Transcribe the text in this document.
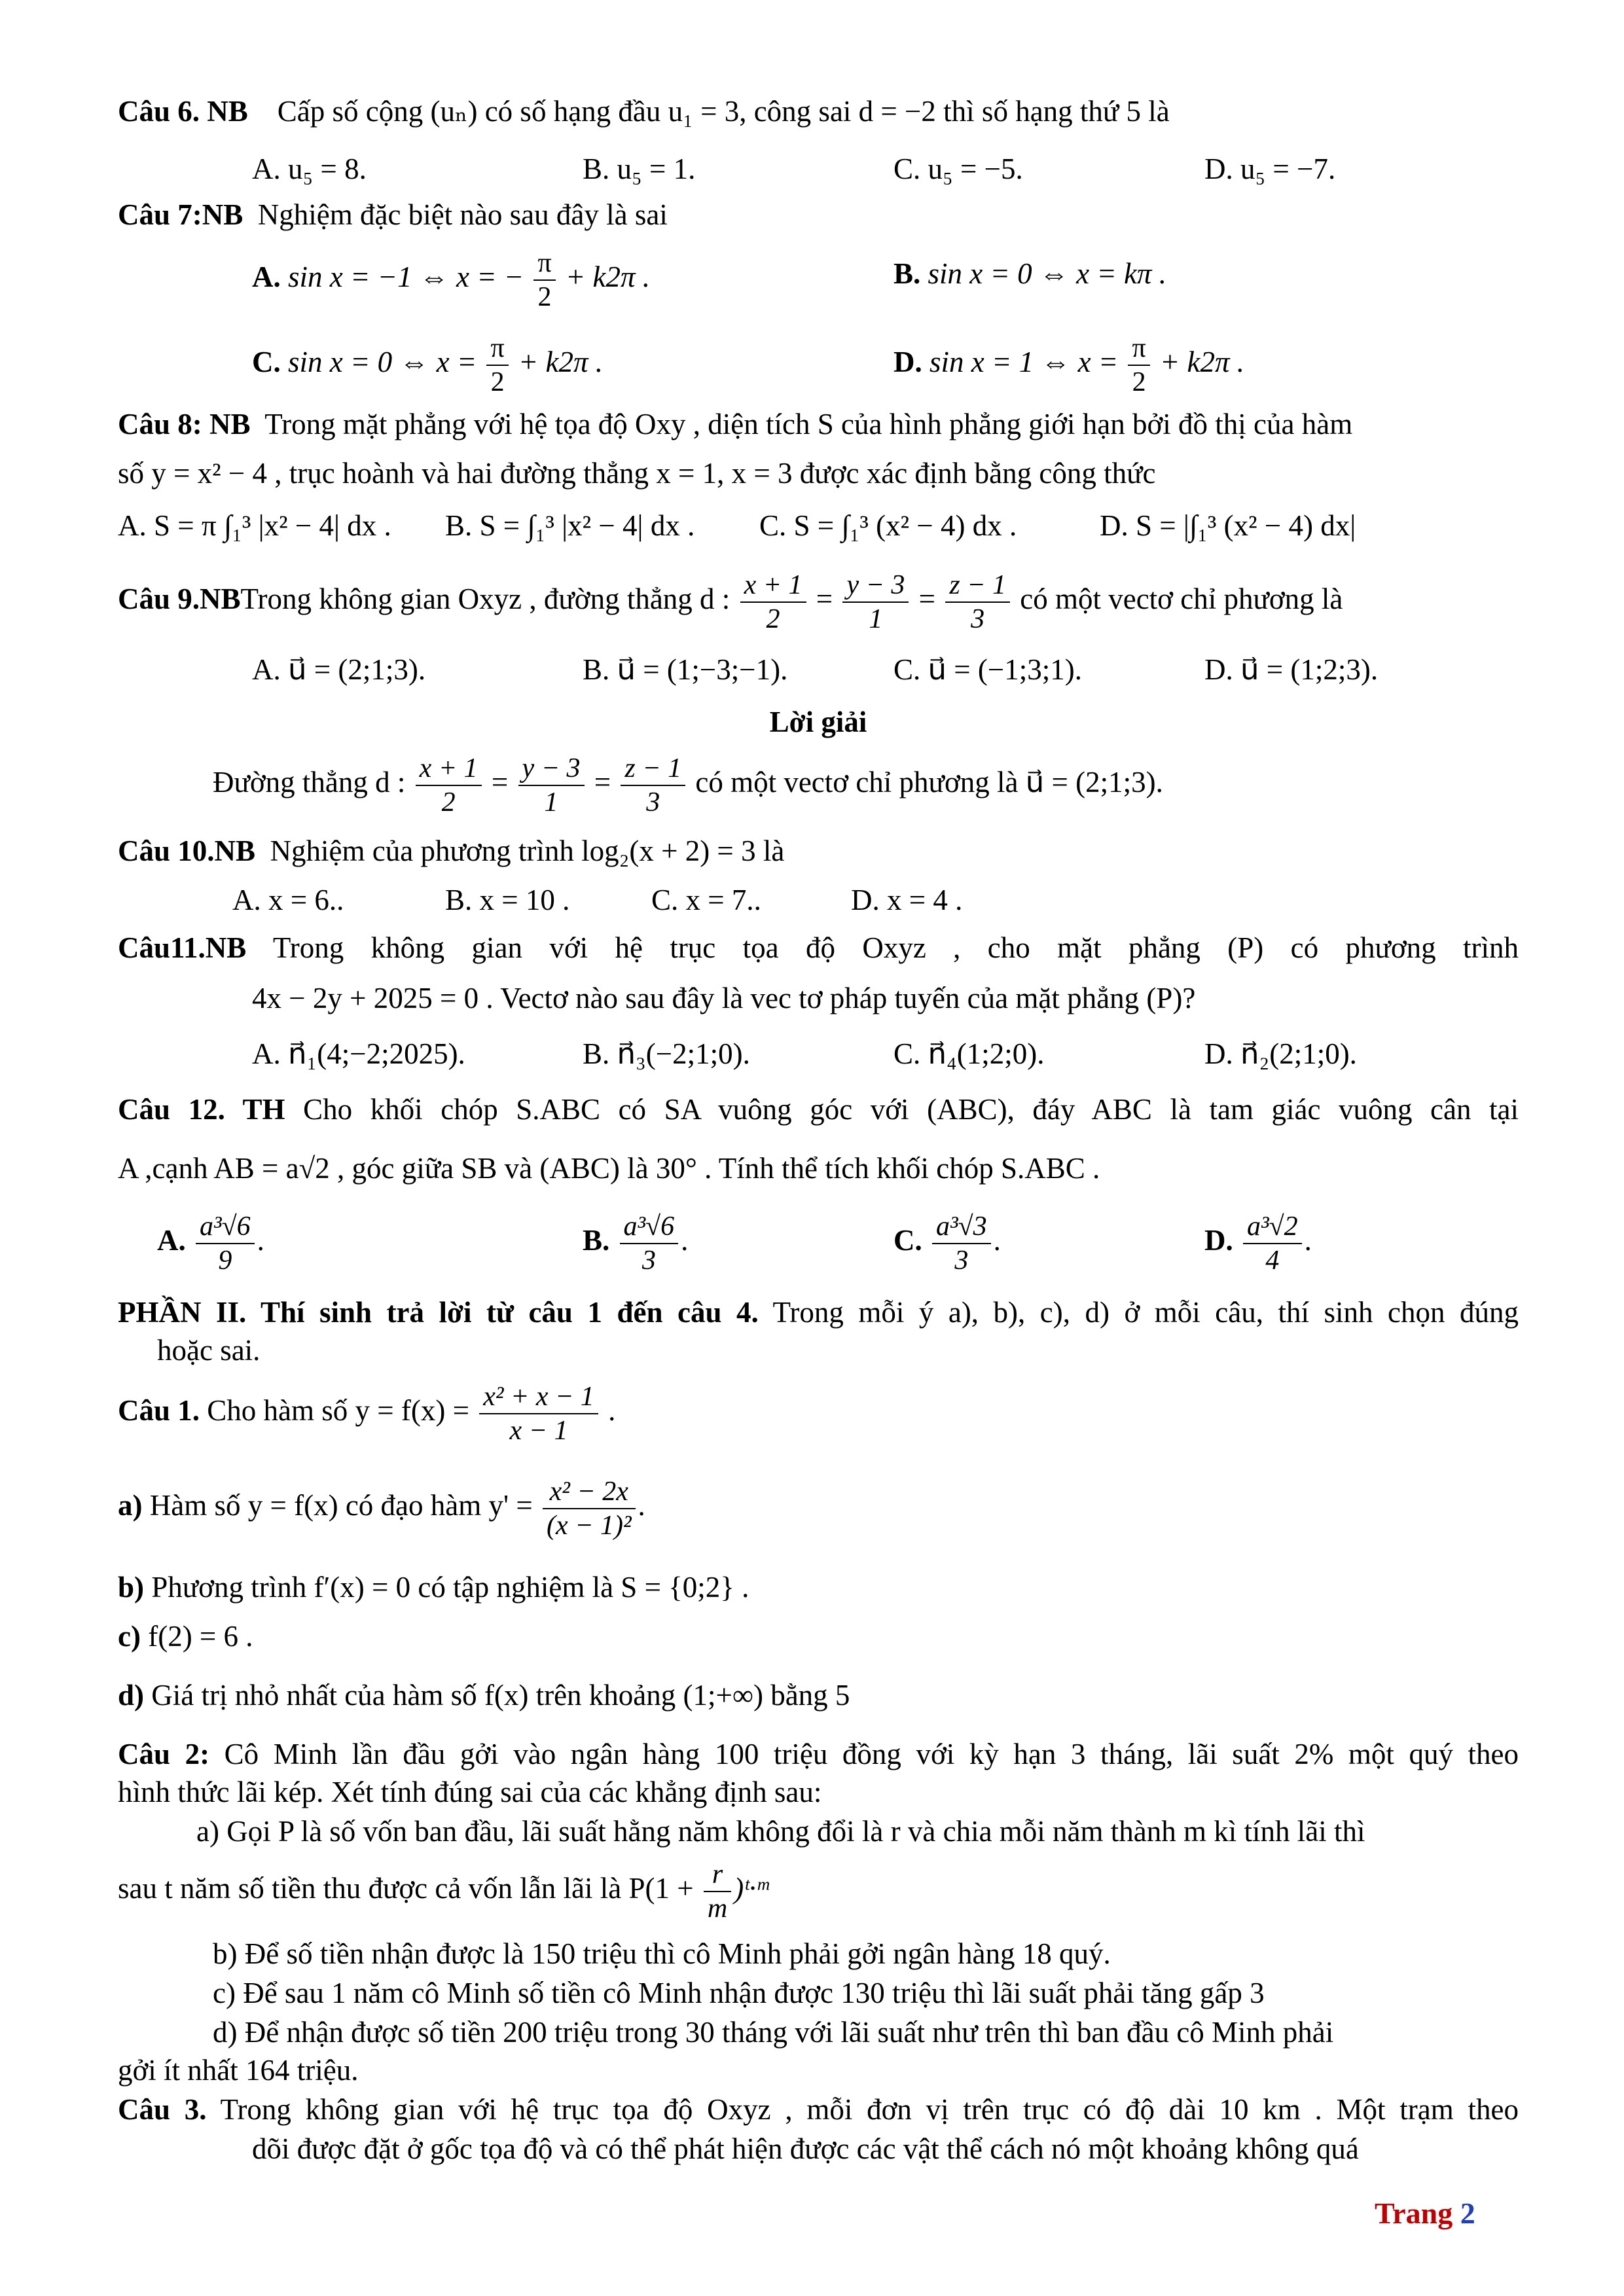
Câu 6. NB Cấp số cộng (uₙ) có số hạng đầu u₁ = 3, công sai d = −2 thì số hạng thứ 5 là
A. u₅ = 8.	B. u₅ = 1.	C. u₅ = −5.	D. u₅ = −7.
Câu 7:NB Nghiệm đặc biệt nào sau đây là sai
A. sin x = −1 ⇔ x = − $\frac{\pi}{2} + k2\pi$ .	B. sin x = 0 ⇔ x = kπ .
C. sin x = 0 ⇔ $x = \frac{\pi}{2} + k2\pi$ .	D. sin x = 1 ⇔ $x = \frac{\pi}{2} + k2\pi$ .
Câu 8: NB Trong mặt phẳng với hệ tọa độ Oxy , diện tích S của hình phẳng giới hạn bởi đồ thị của hàm
số y = x² − 4 , trục hoành và hai đường thẳng x = 1, x = 3 được xác định bằng công thức
A. S = π ∫₁³ |x² − 4| dx . B. S = ∫₁³ |x² − 4| dx . C. S = ∫₁³ (x² − 4) dx .	D. S = |∫₁³ (x² − 4) dx|
Câu 9.NBTrong không gian Oxyz , đường thẳng d : $\frac{x + 1}{2} = \frac{y - 3}{1} = \frac{z - 1}{3}$ có một vectơ chỉ phương là
A. u⃗ = (2;1;3).	B. u⃗ = (1;−3;−1).	C. u⃗ = (−1;3;1).	D. u⃗ = (1;2;3).
Lời giải
Đường thẳng d : $\frac{x + 1}{2} = \frac{y - 3}{1} = \frac{z - 1}{3}$ có một vectơ chỉ phương là u⃗ = (2;1;3).
Câu 10.NB Nghiệm của phương trình log₂(x + 2) = 3 là
A. x = 6..	B. x = 10 .	C. x = 7..	D. x = 4 .
Câu11.NB Trong không gian với hệ trục tọa độ Oxyz , cho mặt phẳng (P) có phương trình
4x − 2y + 2025 = 0 . Vectơ nào sau đây là vec tơ pháp tuyến của mặt phẳng (P)?
A. n⃗₁(4;−2;2025).	B. n⃗₃(−2;1;0).	C. n⃗₄(1;2;0).	D. n⃗₂(2;1;0).
Câu 12. TH Cho khối chóp S.ABC có SA vuông góc với (ABC), đáy ABC là tam giác vuông cân tại
A ,cạnh AB = a√2 , góc giữa SB và (ABC) là 30° . Tính thể tích khối chóp S.ABC .
A. $\frac{\text{a³√6}}{9}$ .	B. $\frac{\text{a³√6}}{3}$ .	C. $\frac{\text{a³√3}}{3}$ .	D. $\frac{\text{a³√2}}{4}$ .
PHẦN II. Thí sinh trả lời từ câu 1 đến câu 4. Trong mỗi ý a), b), c), d) ở mỗi câu, thí sinh chọn đúng
hoặc sai.
Câu 1. Cho hàm số $y = f(x) = \frac{\text{x² + x − 1}}{x - 1}$ .
a) Hàm số y = f(x) có đạo hàm $y' = \frac{\text{x² − 2x}}{\text{(x − 1)²}}$ .
b) Phương trình f′(x) = 0 có tập nghiệm là S = {0;2} .
c) f(2) = 6 .
d) Giá trị nhỏ nhất của hàm số f(x) trên khoảng (1;+∞) bằng 5
Câu 2: Cô Minh lần đầu gởi vào ngân hàng 100 triệu đồng với kỳ hạn 3 tháng, lãi suất 2% một quý theo
hình thức lãi kép. Xét tính đúng sai của các khẳng định sau:
a) Gọi P là số vốn ban đầu, lãi suất hằng năm không đổi là r và chia mỗi năm thành m kì tính lãi thì
sau t năm số tiền thu được cả vốn lẫn lãi là $P(1 + \frac{r}{m}$ )ᵗ·ᵐ
b) Để số tiền nhận được là 150 triệu thì cô Minh phải gởi ngân hàng 18 quý.
c) Để sau 1 năm cô Minh số tiền cô Minh nhận được 130 triệu thì lãi suất phải tăng gấp 3
d) Để nhận được số tiền 200 triệu trong 30 tháng với lãi suất như trên thì ban đầu cô Minh phải
gởi ít nhất 164 triệu.
Câu 3. Trong không gian với hệ trục tọa độ Oxyz , mỗi đơn vị trên trục có độ dài 10 km . Một trạm theo
dõi được đặt ở gốc tọa độ và có thể phát hiện được các vật thể cách nó một khoảng không quá
Trang 2
